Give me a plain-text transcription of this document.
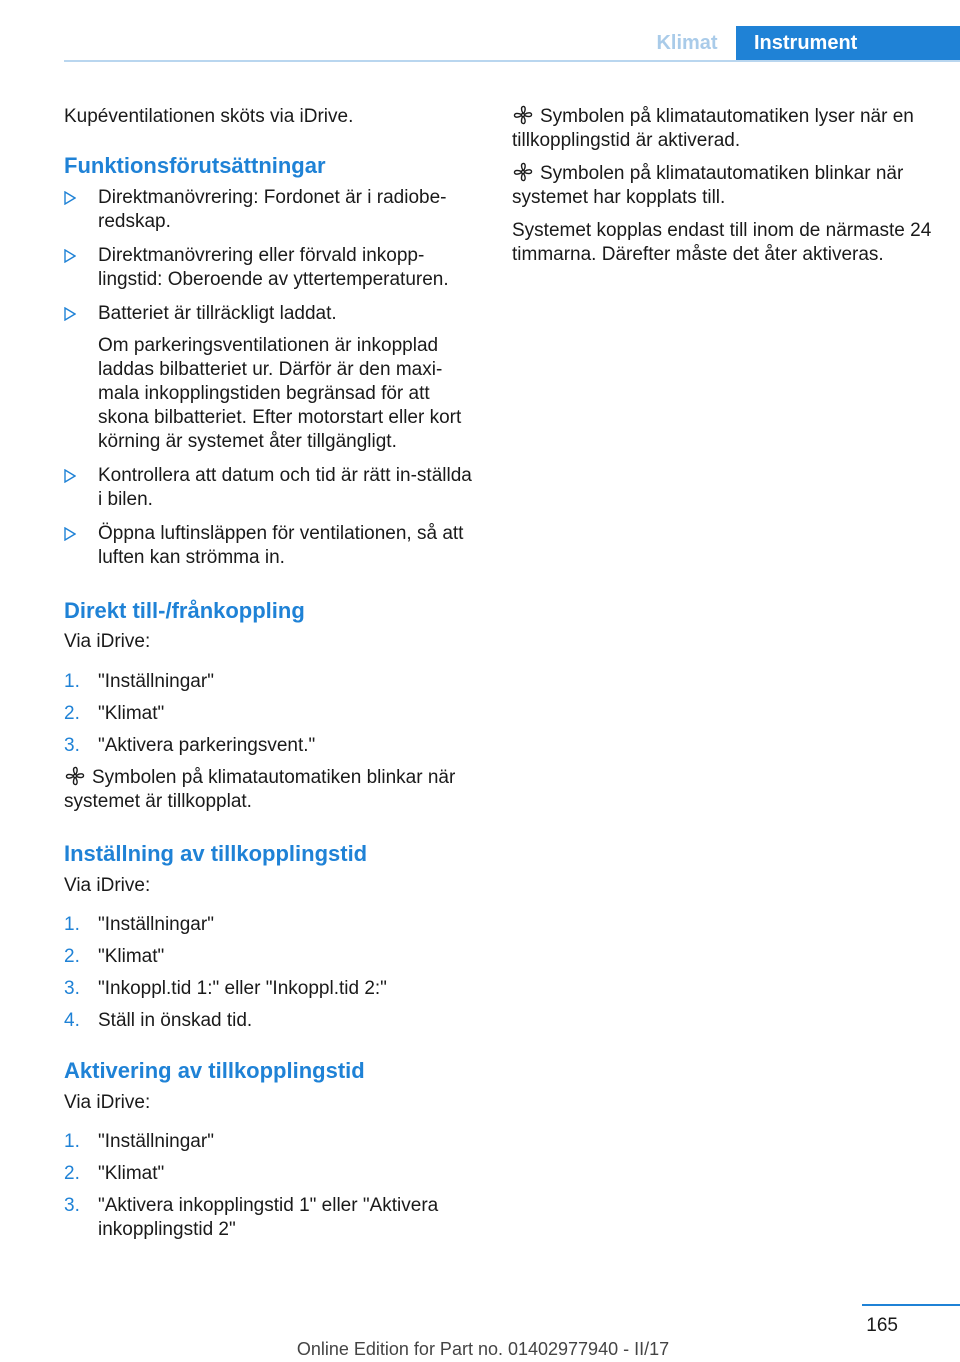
Klimat	Instrument

Kupéventilationen sköts via iDrive.

Funktionsförutsättningar
Direktmanövrering: Fordonet är i radiobe-redskap.
Direktmanövrering eller förvald inkopp-lingstid: Oberoende av yttertemperaturen.
Batteriet är tillräckligt laddat.

Om parkeringsventilationen är inkopplad laddas bilbatteriet ur. Därför är den maxi-mala inkopplingstiden begränsad för att skona bilbatteriet. Efter motorstart eller kort körning är systemet åter tillgängligt.

Kontrollera att datum och tid är rätt in-ställda i bilen.
Öppna luftinsläppen för ventilationen, så att luften kan strömma in.
Direkt till-/frånkoppling

Via iDrive:

1. "Inställningar"
2. "Klimat"
3. "Aktivera parkeringsvent."

Symbolen på klimatautomatiken blinkar när systemet är tillkopplat.

Inställning av tillkopplingstid

Via iDrive:

1. "Inställningar"
2. "Klimat"
3. "Inkoppl.tid 1:" eller "Inkoppl.tid 2:"
4. Ställ in önskad tid.
Aktivering av tillkopplingstid

Via iDrive:

1. "Inställningar"
2. "Klimat"
3. "Aktivera inkopplingstid 1" eller "Aktivera inkopplingstid 2"

Symbolen på klimatautomatiken lyser när en tillkopplingstid är aktiverad.

Symbolen på klimatautomatiken blinkar när systemet har kopplats till.

Systemet kopplas endast till inom de närmaste 24 timmarna. Därefter måste det åter aktiveras.

165
Online Edition for Part no. 01402977940 - II/17
